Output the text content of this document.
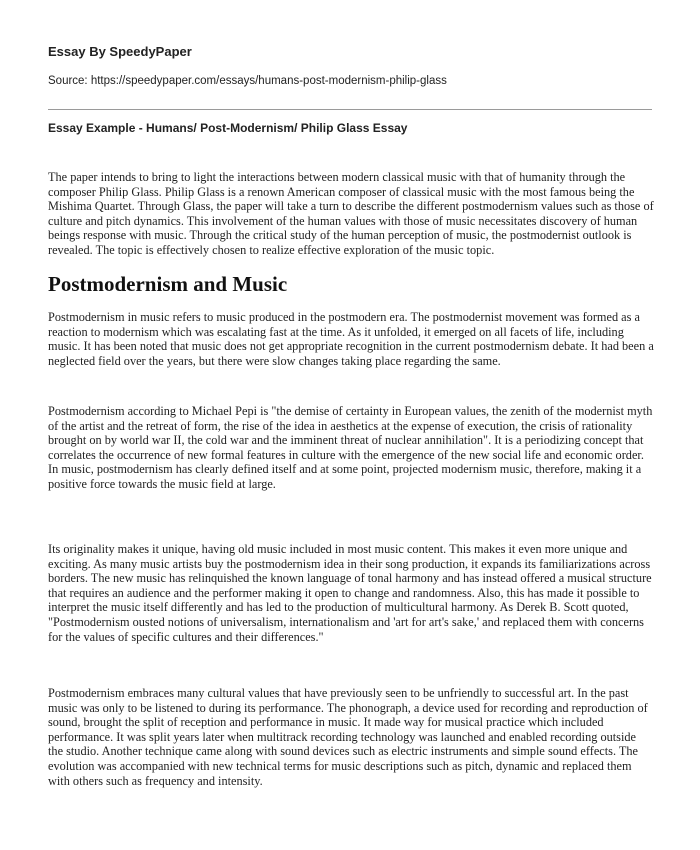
Essay By SpeedyPaper
Source: https://speedypaper.com/essays/humans-post-modernism-philip-glass
Essay Example - Humans/ Post-Modernism/ Philip Glass Essay

The paper intends to bring to light the interactions between modern classical music with that of humanity through the composer Philip Glass. Philip Glass is a renown American composer of classical music with the most famous being the Mishima Quartet. Through Glass, the paper will take a turn to describe the different postmodernism values such as those of culture and pitch dynamics. This involvement of the human values with those of music necessitates discovery of human beings response with music. Through the critical study of the human perception of music, the postmodernist outlook is revealed. The topic is effectively chosen to realize effective exploration of the music topic.

Postmodernism and Music

Postmodernism in music refers to music produced in the postmodern era. The postmodernist movement was formed as a reaction to modernism which was escalating fast at the time. As it unfolded, it emerged on all facets of life, including music. It has been noted that music does not get appropriate recognition in the current postmodernism debate. It had been a neglected field over the years, but there were slow changes taking place regarding the same.

Postmodernism according to Michael Pepi is "the demise of certainty in European values, the zenith of the modernist myth of the artist and the retreat of form, the rise of the idea in aesthetics at the expense of execution, the crisis of rationality brought on by world war II, the cold war and the imminent threat of nuclear annihilation". It is a periodizing concept that correlates the occurrence of new formal features in culture with the emergence of the new social life and economic order. In music, postmodernism has clearly defined itself and at some point, projected modernism music, therefore, making it a positive force towards the music field at large.

Its originality makes it unique, having old music included in most music content. This makes it even more unique and exciting. As many music artists buy the postmodernism idea in their song production, it expands its familiarizations across borders. The new music has relinquished the known language of tonal harmony and has instead offered a musical structure that requires an audience and the performer making it open to change and randomness. Also, this has made it possible to interpret the music itself differently and has led to the production of multicultural harmony. As Derek B. Scott quoted, "Postmodernism ousted notions of universalism, internationalism and 'art for art's sake,' and replaced them with concerns for the values of specific cultures and their differences."

Postmodernism embraces many cultural values that have previously seen to be unfriendly to successful art. In the past music was only to be listened to during its performance. The phonograph, a device used for recording and reproduction of sound, brought the split of reception and performance in music. It made way for musical practice which included performance. It was split years later when multitrack recording technology was launched and enabled recording outside the studio. Another technique came along with sound devices such as electric instruments and simple sound effects. The evolution was accompanied with new technical terms for music descriptions such as pitch, dynamic and replaced them with others such as frequency and intensity.
